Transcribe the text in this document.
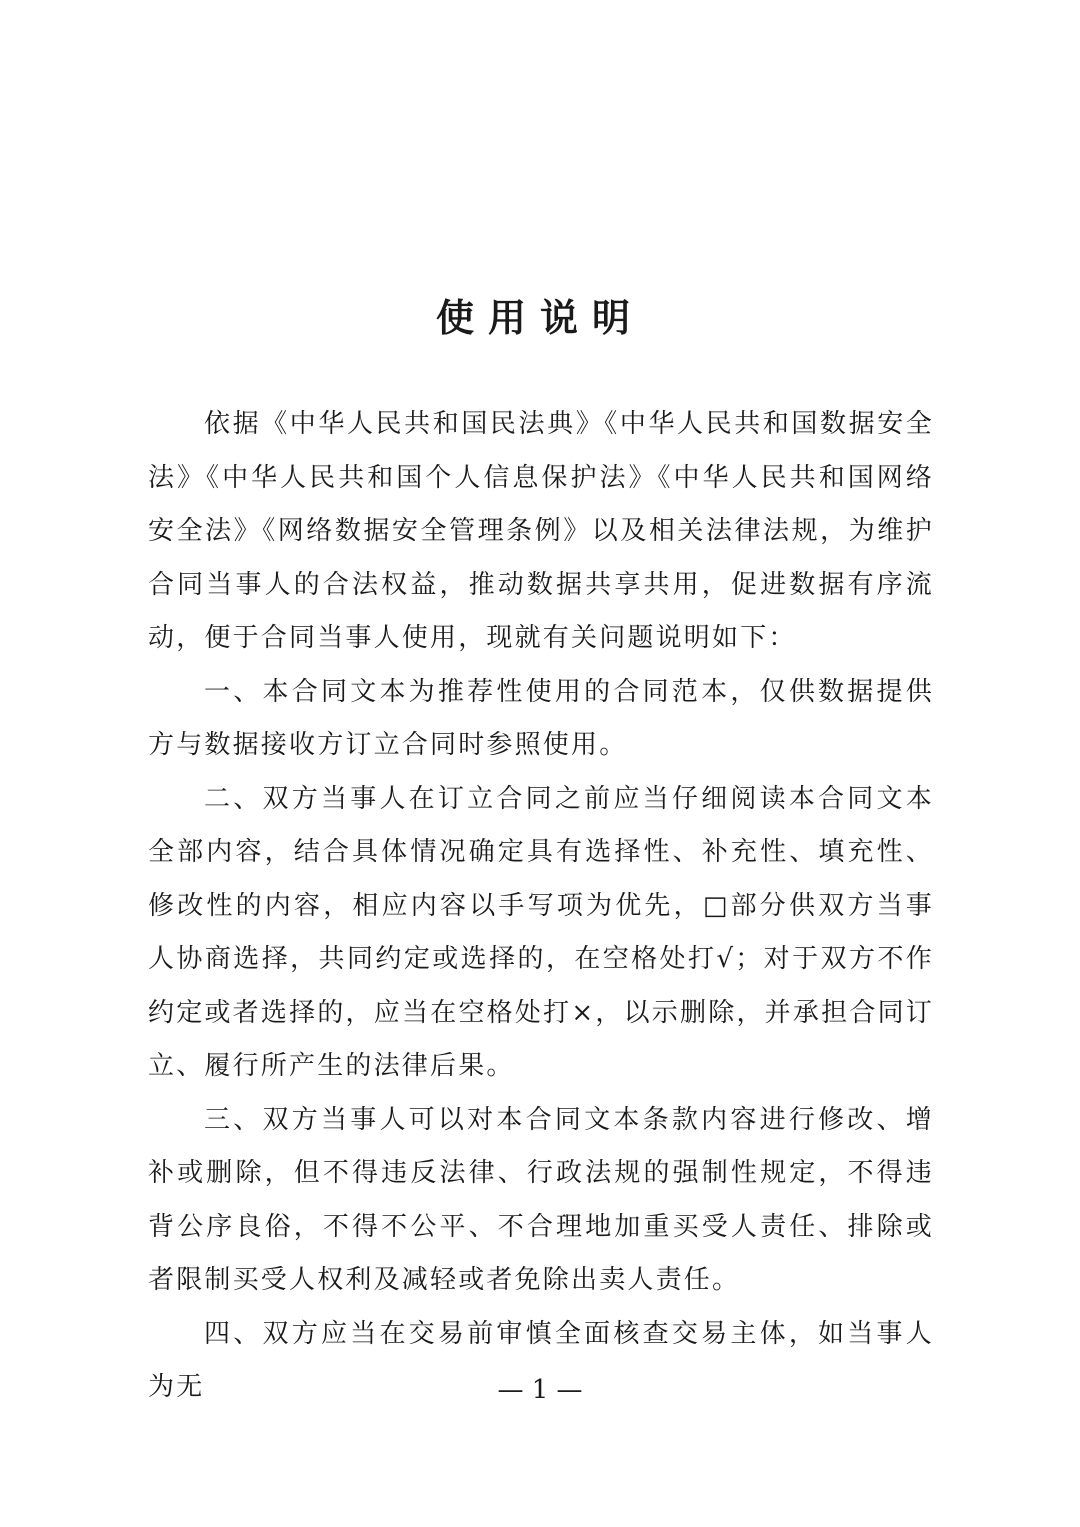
使用说明

依据《中华人民共和国民法典》《中华人民共和国数据安全法》《中华人民共和国个人信息保护法》《中华人民共和国网络安全法》《网络数据安全管理条例》以及相关法律法规，为维护合同当事人的合法权益，推动数据共享共用，促进数据有序流动，便于合同当事人使用，现就有关问题说明如下：

一、本合同文本为推荐性使用的合同范本，仅供数据提供方与数据接收方订立合同时参照使用。

二、双方当事人在订立合同之前应当仔细阅读本合同文本全部内容，结合具体情况确定具有选择性、补充性、填充性、修改性的内容，相应内容以手写项为优先，□部分供双方当事人协商选择，共同约定或选择的，在空格处打√；对于双方不作约定或者选择的，应当在空格处打×，以示删除，并承担合同订立、履行所产生的法律后果。

三、双方当事人可以对本合同文本条款内容进行修改、增补或删除，但不得违反法律、行政法规的强制性规定，不得违背公序良俗，不得不公平、不合理地加重买受人责任、排除或者限制买受人权利及减轻或者免除出卖人责任。

四、双方应当在交易前审慎全面核查交易主体，如当事人为无	— 1 —
